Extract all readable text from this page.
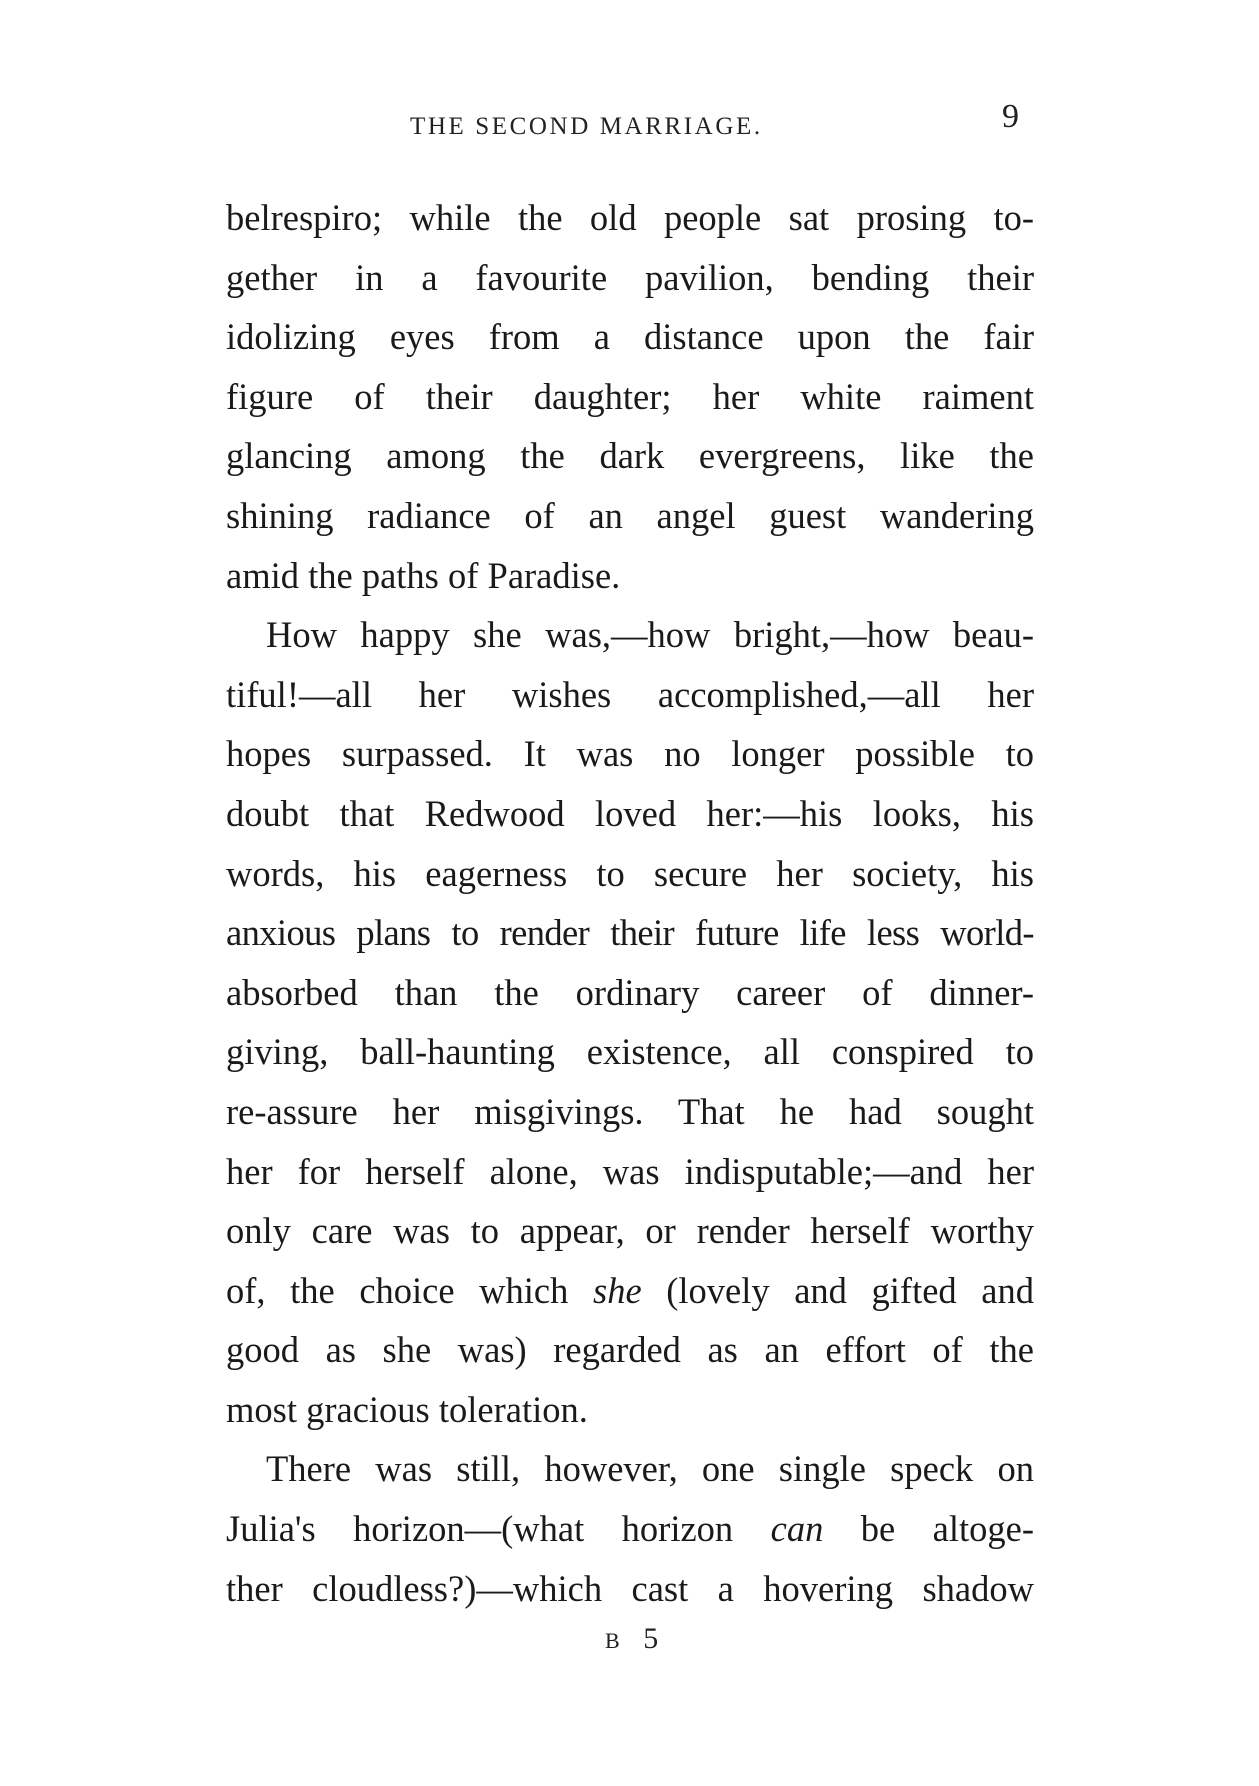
THE SECOND MARRIAGE.	9
belrespiro; while the old people sat prosing to-
gether in a favourite pavilion, bending their
idolizing eyes from a distance upon the fair
figure of their daughter; her white raiment
glancing among the dark evergreens, like the
shining radiance of an angel guest wandering
amid the paths of Paradise.
How happy she was,—how bright,—how beau-
tiful!—all her wishes accomplished,—all her
hopes surpassed. It was no longer possible to
doubt that Redwood loved her:—his looks, his
words, his eagerness to secure her society, his
anxious plans to render their future life less world-
absorbed than the ordinary career of dinner-
giving, ball-haunting existence, all conspired to
re-assure her misgivings. That he had sought
her for herself alone, was indisputable;—and her
only care was to appear, or render herself worthy
of, the choice which she (lovely and gifted and
good as she was) regarded as an effort of the
most gracious toleration.
There was still, however, one single speck on
Julia's horizon—(what horizon can be altoge-
ther cloudless?)—which cast a hovering shadow
B 5
